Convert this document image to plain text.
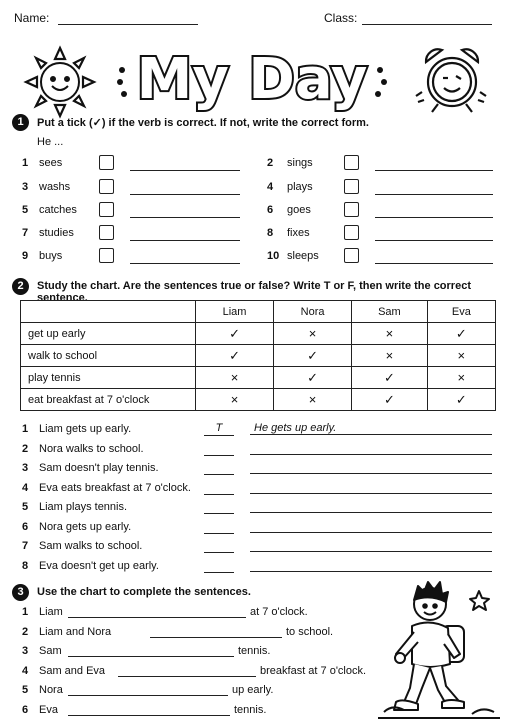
Name:	Class:
My Day
1	Put a tick (✓) if the verb is correct. If not, write the correct form.
He ...
1 sees	2 sings
3 washs	4 plays
5 catches	6 goes
7 studies	8 fixes
9 buys	10 sleeps
2	Study the chart. Are the sentences true or false? Write T or F, then write the correct sentence.
	Liam	Nora	Sam	Eva
get up early	✓	×	×	✓
walk to school	✓	✓	×	×
play tennis	×	✓	✓	×
eat breakfast at 7 o'clock	×	×	✓	✓
1 Liam gets up early.	T	He gets up early.
2 Nora walks to school.
3 Sam doesn't play tennis.
4 Eva eats breakfast at 7 o'clock.
5 Liam plays tennis.
6 Nora gets up early.
7 Sam walks to school.
8 Eva doesn't get up early.
3	Use the chart to complete the sentences.
1 Liam	at 7 o'clock.
2 Liam and Nora	to school.
3 Sam	tennis.
4 Sam and Eva	breakfast at 7 o'clock.
5 Nora	up early.
6 Eva	tennis.
